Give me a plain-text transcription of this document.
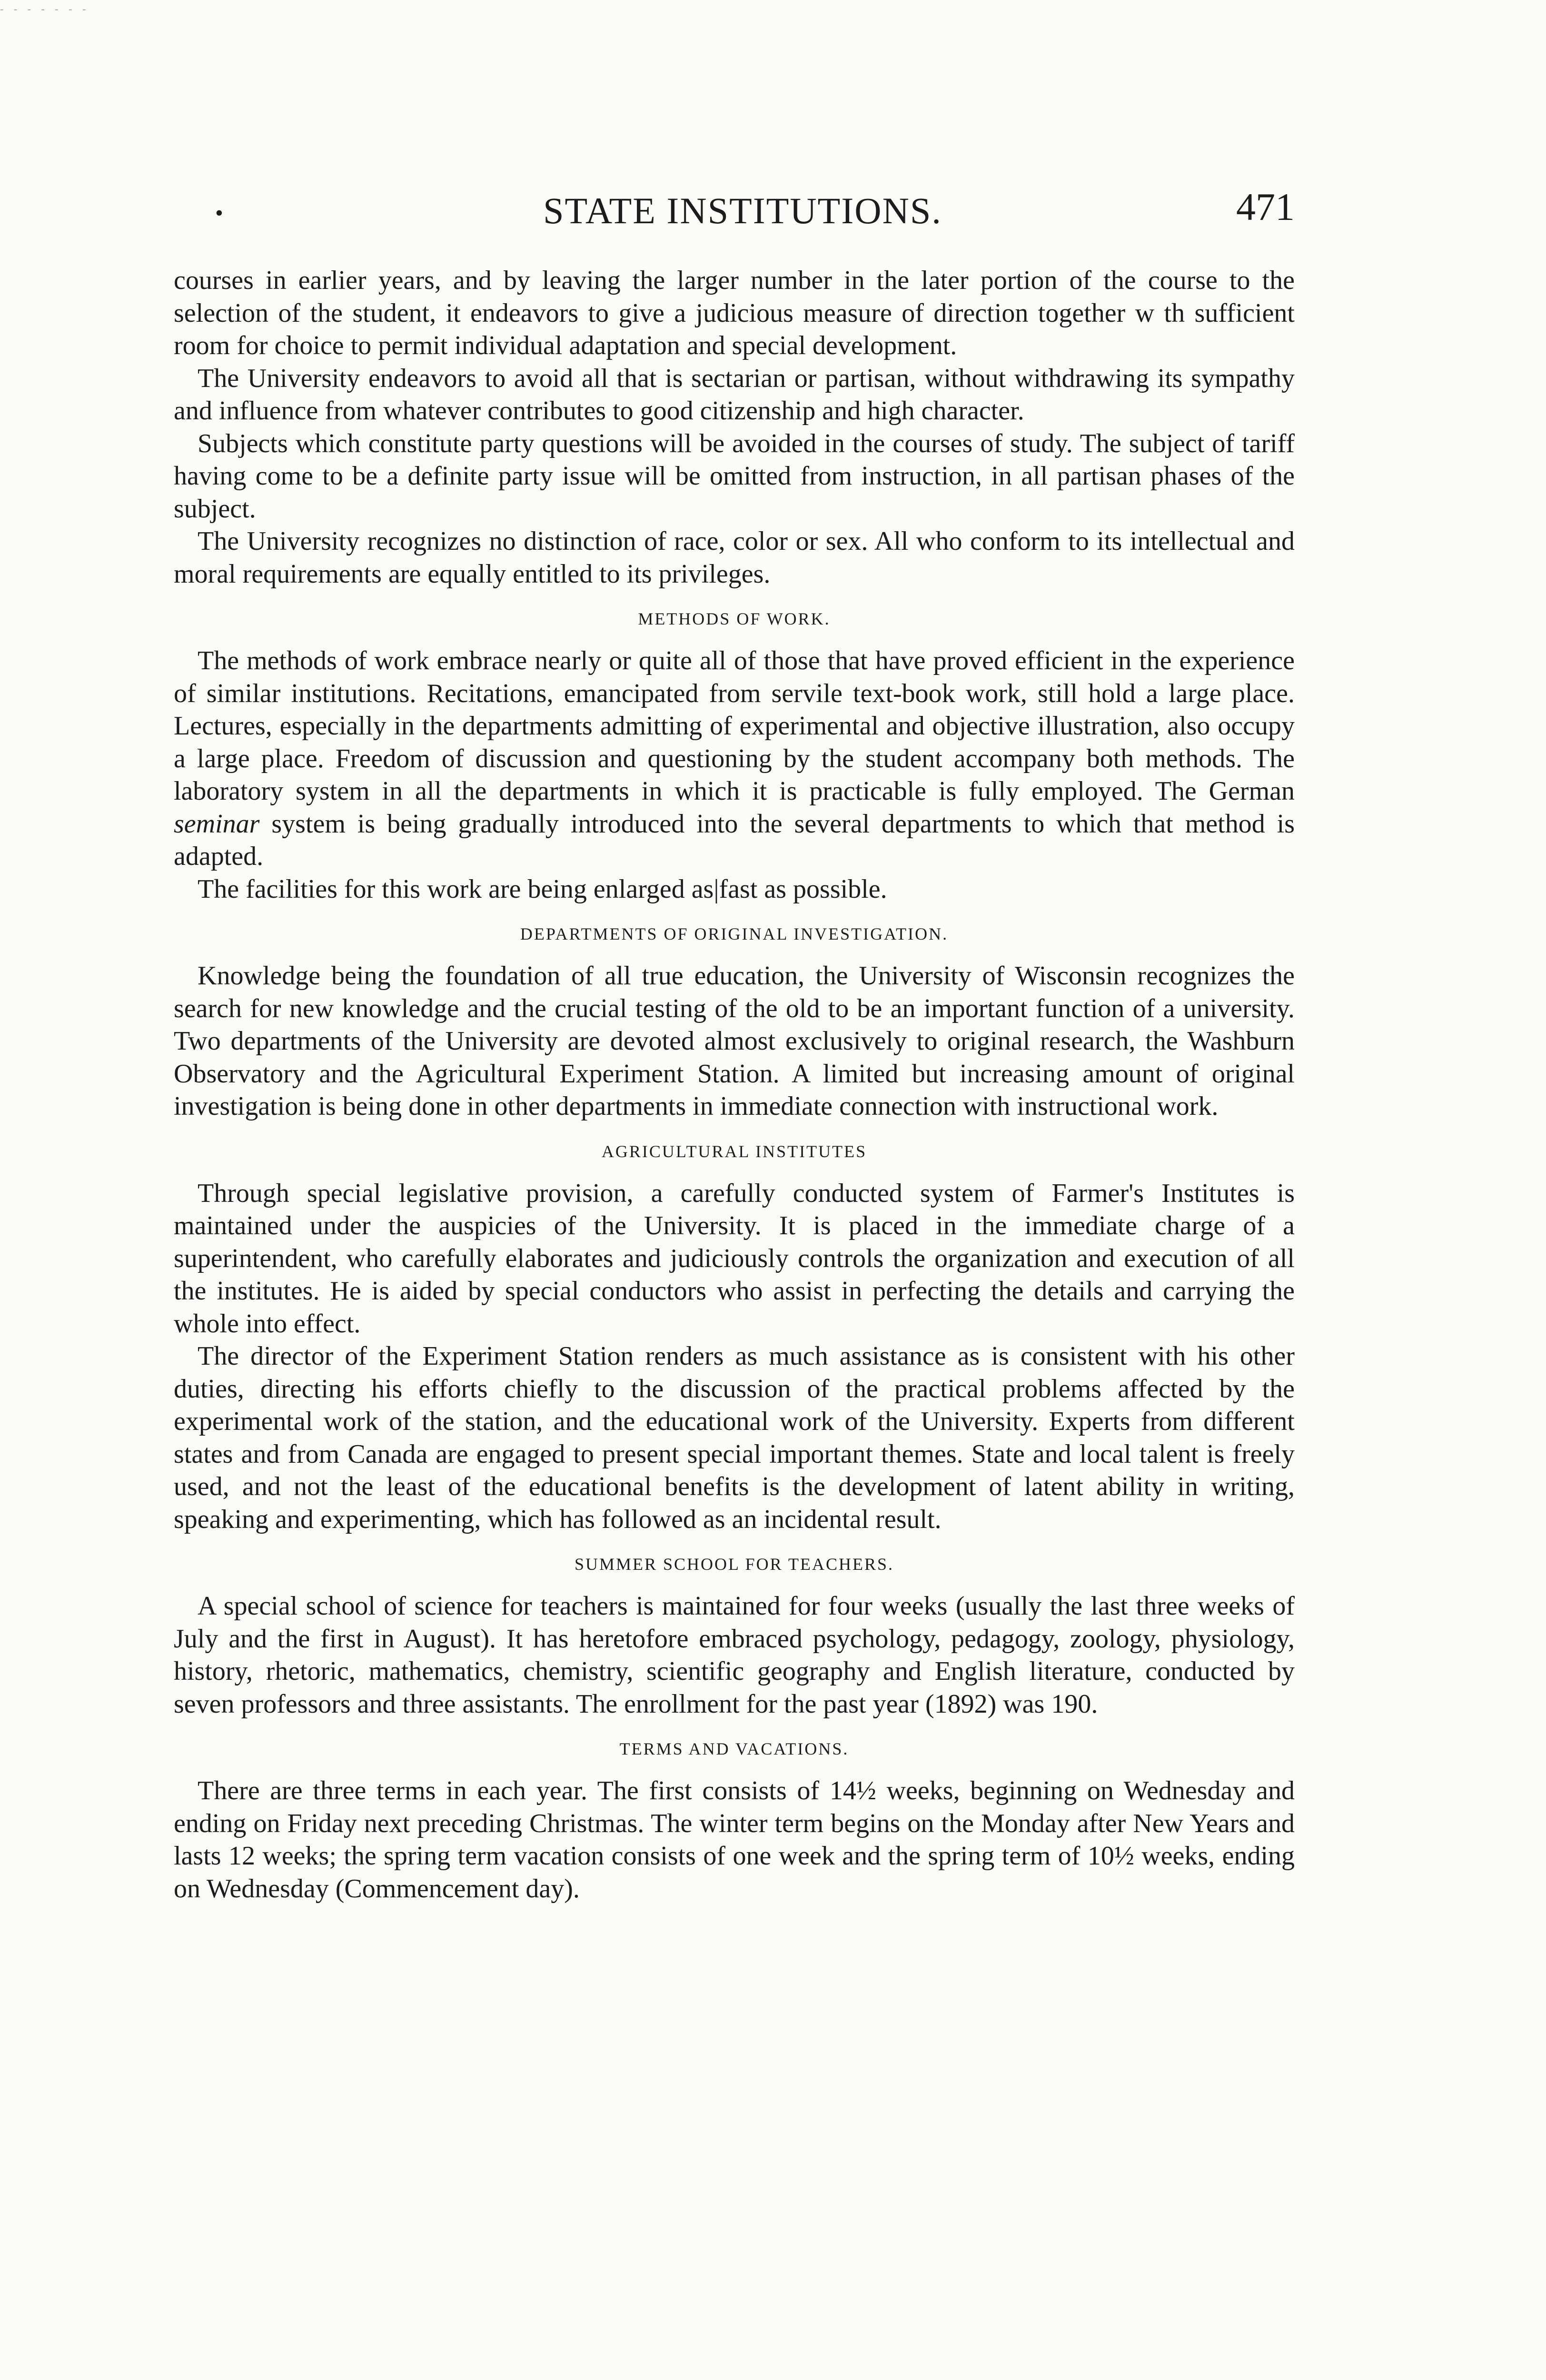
- - - - - - -
•	STATE INSTITUTIONS.	471

courses in earlier years, and by leaving the larger number in the later portion of the course to the selection of the student, it endeavors to give a judicious measure of direction together w th sufficient room for choice to permit individual adaptation and special development.

The University endeavors to avoid all that is sectarian or partisan, without withdrawing its sympathy and influence from whatever contributes to good citizenship and high character.

Subjects which constitute party questions will be avoided in the courses of study. The subject of tariff having come to be a definite party issue will be omitted from instruction, in all partisan phases of the subject.

The University recognizes no distinction of race, color or sex. All who conform to its intellectual and moral requirements are equally entitled to its privileges.

METHODS OF WORK.

The methods of work embrace nearly or quite all of those that have proved efficient in the experience of similar institutions. Recitations, emancipated from servile text-book work, still hold a large place. Lectures, especially in the departments admitting of experimental and objective illustration, also occupy a large place. Freedom of discussion and questioning by the student accompany both methods. The laboratory system in all the departments in which it is practicable is fully employed. The German seminar system is being gradually introduced into the several departments to which that method is adapted.

The facilities for this work are being enlarged as|fast as possible.

DEPARTMENTS OF ORIGINAL INVESTIGATION.

Knowledge being the foundation of all true education, the University of Wisconsin recognizes the search for new knowledge and the crucial testing of the old to be an important function of a university. Two departments of the University are devoted almost exclusively to original research, the Washburn Observatory and the Agricultural Experiment Station. A limited but increasing amount of original investigation is being done in other departments in immediate connection with instructional work.

AGRICULTURAL INSTITUTES

Through special legislative provision, a carefully conducted system of Farmer's Institutes is maintained under the auspicies of the University. It is placed in the immediate charge of a superintendent, who carefully elaborates and judiciously controls the organization and execution of all the institutes. He is aided by special conductors who assist in perfecting the details and carrying the whole into effect.

The director of the Experiment Station renders as much assistance as is consistent with his other duties, directing his efforts chiefly to the discussion of the practical problems affected by the experimental work of the station, and the educational work of the University. Experts from different states and from Canada are engaged to present special important themes. State and local talent is freely used, and not the least of the educational benefits is the development of latent ability in writing, speaking and experimenting, which has followed as an incidental result.

SUMMER SCHOOL FOR TEACHERS.

A special school of science for teachers is maintained for four weeks (usually the last three weeks of July and the first in August). It has heretofore embraced psychology, pedagogy, zoology, physiology, history, rhetoric, mathematics, chemistry, scientific geography and English literature, conducted by seven professors and three assistants. The enrollment for the past year (1892) was 190.

TERMS AND VACATIONS.

There are three terms in each year. The first consists of 14½ weeks, beginning on Wednesday and ending on Friday next preceding Christmas. The winter term begins on the Monday after New Years and lasts 12 weeks; the spring term vacation consists of one week and the spring term of 10½ weeks, ending on Wednesday (Commencement day).
